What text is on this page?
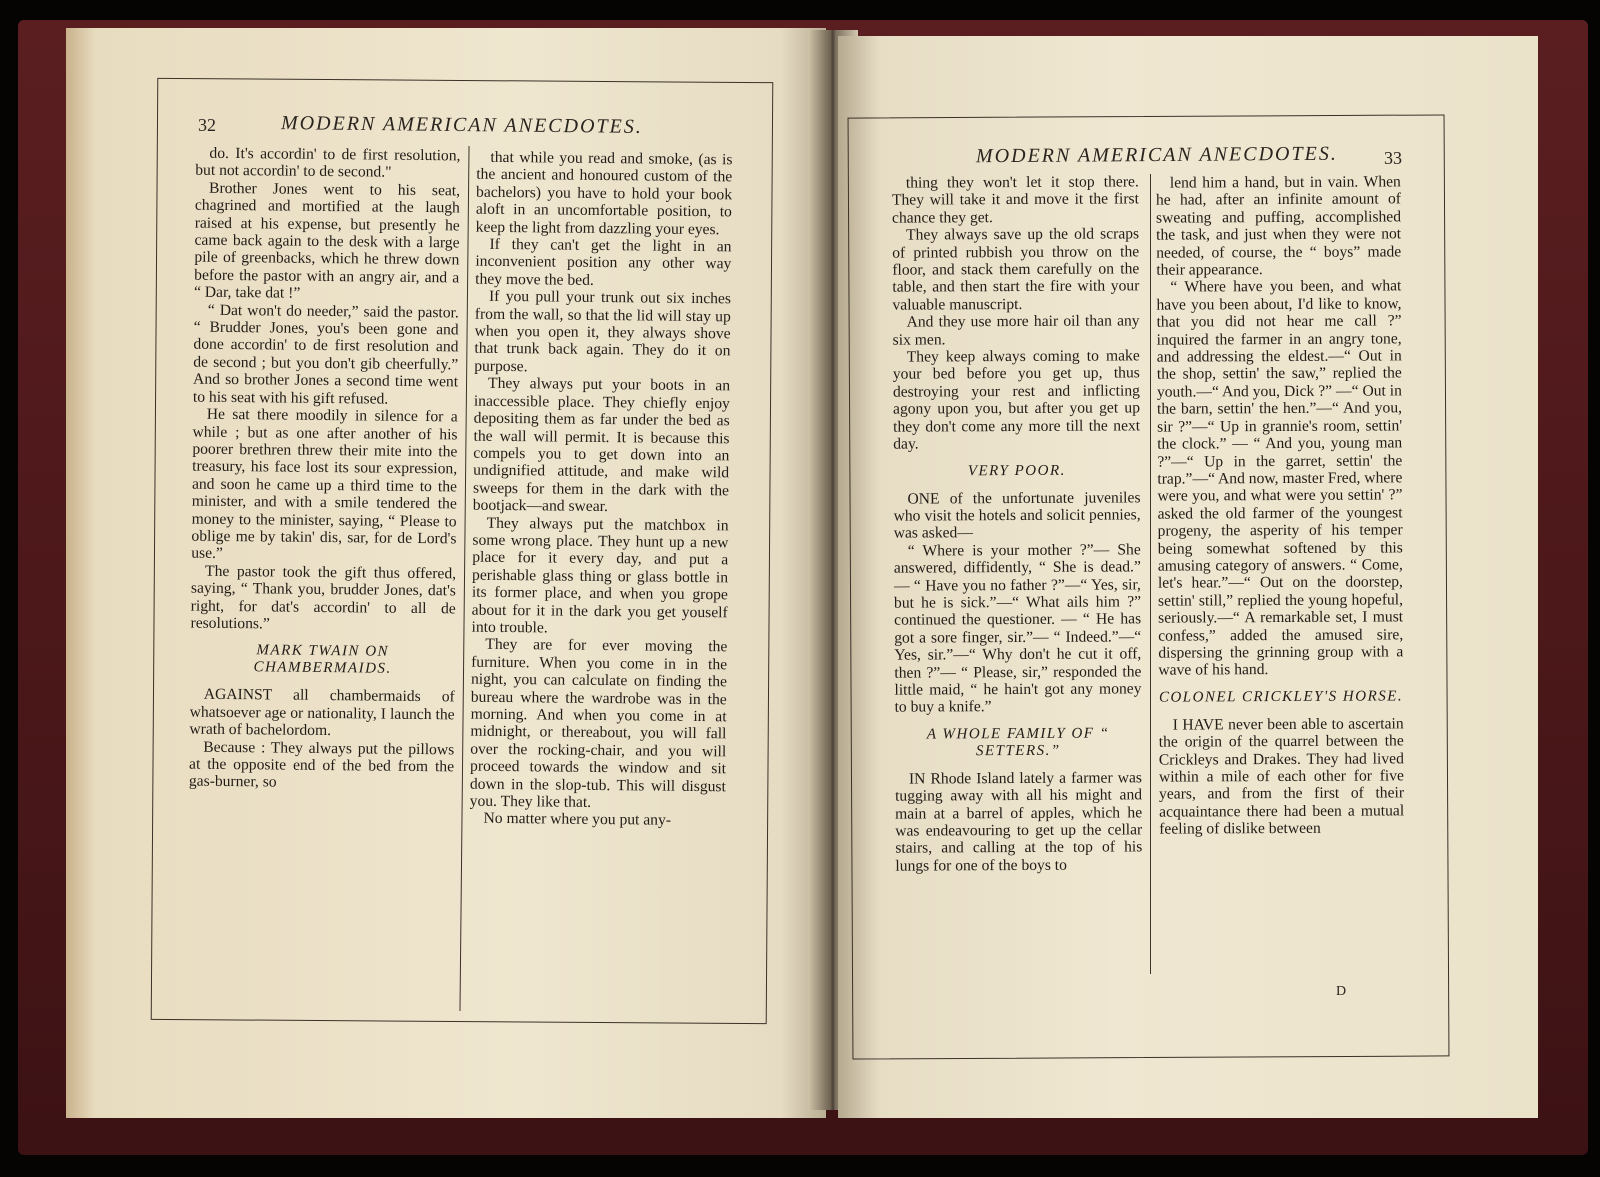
32	MODERN AMERICAN ANECDOTES.

do. It's accordin' to de first resolution, but not accordin' to de second."

Brother Jones went to his seat, chagrined and mortified at the laugh raised at his expense, but presently he came back again to the desk with a large pile of greenbacks, which he threw down before the pastor with an angry air, and a “ Dar, take dat !”

“ Dat won't do needer,” said the pastor. “ Brudder Jones, you's been gone and done accordin' to de first resolution and de second ; but you don't gib cheerfully.” And so brother Jones a second time went to his seat with his gift refused.

He sat there moodily in silence for a while ; but as one after another of his poorer brethren threw their mite into the treasury, his face lost its sour expression, and soon he came up a third time to the minister, and with a smile tendered the money to the minister, saying, “ Please to oblige me by takin' dis, sar, for de Lord's use.”

The pastor took the gift thus offered, saying, “ Thank you, brudder Jones, dat's right, for dat's accordin' to all de resolutions.”

MARK TWAIN ON CHAMBERMAIDS.

AGAINST all chambermaids of whatsoever age or nationality, I launch the wrath of bachelordom.

Because : They always put the pillows at the opposite end of the bed from the gas-burner, so

that while you read and smoke, (as is the ancient and honoured custom of the bachelors) you have to hold your book aloft in an uncomfortable position, to keep the light from dazzling your eyes.

If they can't get the light in an inconvenient position any other way they move the bed.

If you pull your trunk out six inches from the wall, so that the lid will stay up when you open it, they always shove that trunk back again. They do it on purpose.

They always put your boots in an inaccessible place. They chiefly enjoy depositing them as far under the bed as the wall will permit. It is because this compels you to get down into an undignified attitude, and make wild sweeps for them in the dark with the bootjack—and swear.

They always put the matchbox in some wrong place. They hunt up a new place for it every day, and put a perishable glass thing or glass bottle in its former place, and when you grope about for it in the dark you get youself into trouble.

They are for ever moving the furniture. When you come in in the night, you can calculate on finding the bureau where the wardrobe was in the morning. And when you come in at midnight, or thereabout, you will fall over the rocking-chair, and you will proceed towards the window and sit down in the slop-tub. This will disgust you. They like that.

No matter where you put any-

MODERN AMERICAN ANECDOTES.	33

thing they won't let it stop there. They will take it and move it the first chance they get.

They always save up the old scraps of printed rubbish you throw on the floor, and stack them carefully on the table, and then start the fire with your valuable manuscript.

And they use more hair oil than any six men.

They keep always coming to make your bed before you get up, thus destroying your rest and inflicting agony upon you, but after you get up they don't come any more till the next day.

VERY POOR.

ONE of the unfortunate juveniles who visit the hotels and solicit pennies, was asked—

“ Where is your mother ?”— She answered, diffidently, “ She is dead.” — “ Have you no father ?”—“ Yes, sir, but he is sick.”—“ What ails him ?” continued the questioner. — “ He has got a sore finger, sir.”— “ Indeed.”—“ Yes, sir.”—“ Why don't he cut it off, then ?”— “ Please, sir,” responded the little maid, “ he hain't got any money to buy a knife.”

A WHOLE FAMILY OF “ SETTERS.”

IN Rhode Island lately a farmer was tugging away with all his might and main at a barrel of apples, which he was endeavouring to get up the cellar stairs, and calling at the top of his lungs for one of the boys to

lend him a hand, but in vain. When he had, after an infinite amount of sweating and puffing, accomplished the task, and just when they were not needed, of course, the “ boys” made their appearance.

“ Where have you been, and what have you been about, I'd like to know, that you did not hear me call ?” inquired the farmer in an angry tone, and addressing the eldest.—“ Out in the shop, settin' the saw,” replied the youth.—“ And you, Dick ?” —“ Out in the barn, settin' the hen.”—“ And you, sir ?”—“ Up in grannie's room, settin' the clock.” — “ And you, young man ?”—“ Up in the garret, settin' the trap.”—“ And now, master Fred, where were you, and what were you settin' ?” asked the old farmer of the youngest progeny, the asperity of his temper being somewhat softened by this amusing category of answers. “ Come, let's hear.”—“ Out on the doorstep, settin' still,” replied the young hopeful, seriously.—“ A remarkable set, I must confess,” added the amused sire, dispersing the grinning group with a wave of his hand.

COLONEL CRICKLEY'S HORSE.

I HAVE never been able to ascertain the origin of the quarrel between the Crickleys and Drakes. They had lived within a mile of each other for five years, and from the first of their acquaintance there had been a mutual feeling of dislike between

D
